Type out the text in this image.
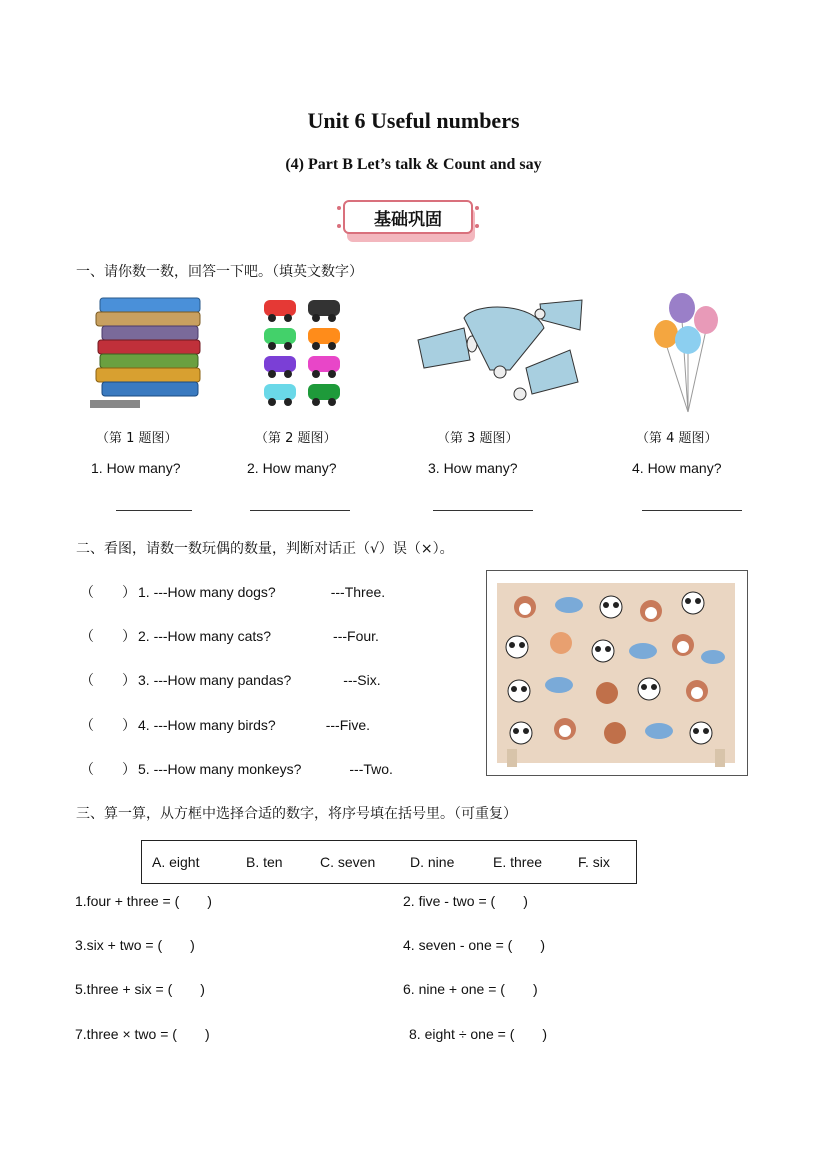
Unit 6 Useful numbers
(4) Part B Let’s talk & Count and say
基础巩固
一、请你数一数，回答一下吧。（填英文数字）
（第 1 题图）	（第 2 题图）	（第 3 题图）	（第 4 题图）
1. How many?	2. How many?	3. How many?	4. How many?
二、看图，请数一数玩偶的数量，判断对话正（√）误（×）。
（　　） 1. ---How many dogs?	---Three.
（　　） 2. ---How many cats?	---Four.
（　　） 3. ---How many pandas?	---Six.
（　　） 4. ---How many birds?	---Five.
（　　） 5. ---How many monkeys?	---Two.
三、算一算，从方框中选择合适的数字，将序号填在括号里。（可重复）
A. eight	B. ten	C. seven D. nine	E. three	F. six
1.four + three = (　　)	2. five - two = (　　)
3.six + two = (　　)	4. seven - one = (　　)
5.three + six = (　　)	6. nine + one = (　　)
7.three × two = (　　)	8. eight ÷ one = (　　)
